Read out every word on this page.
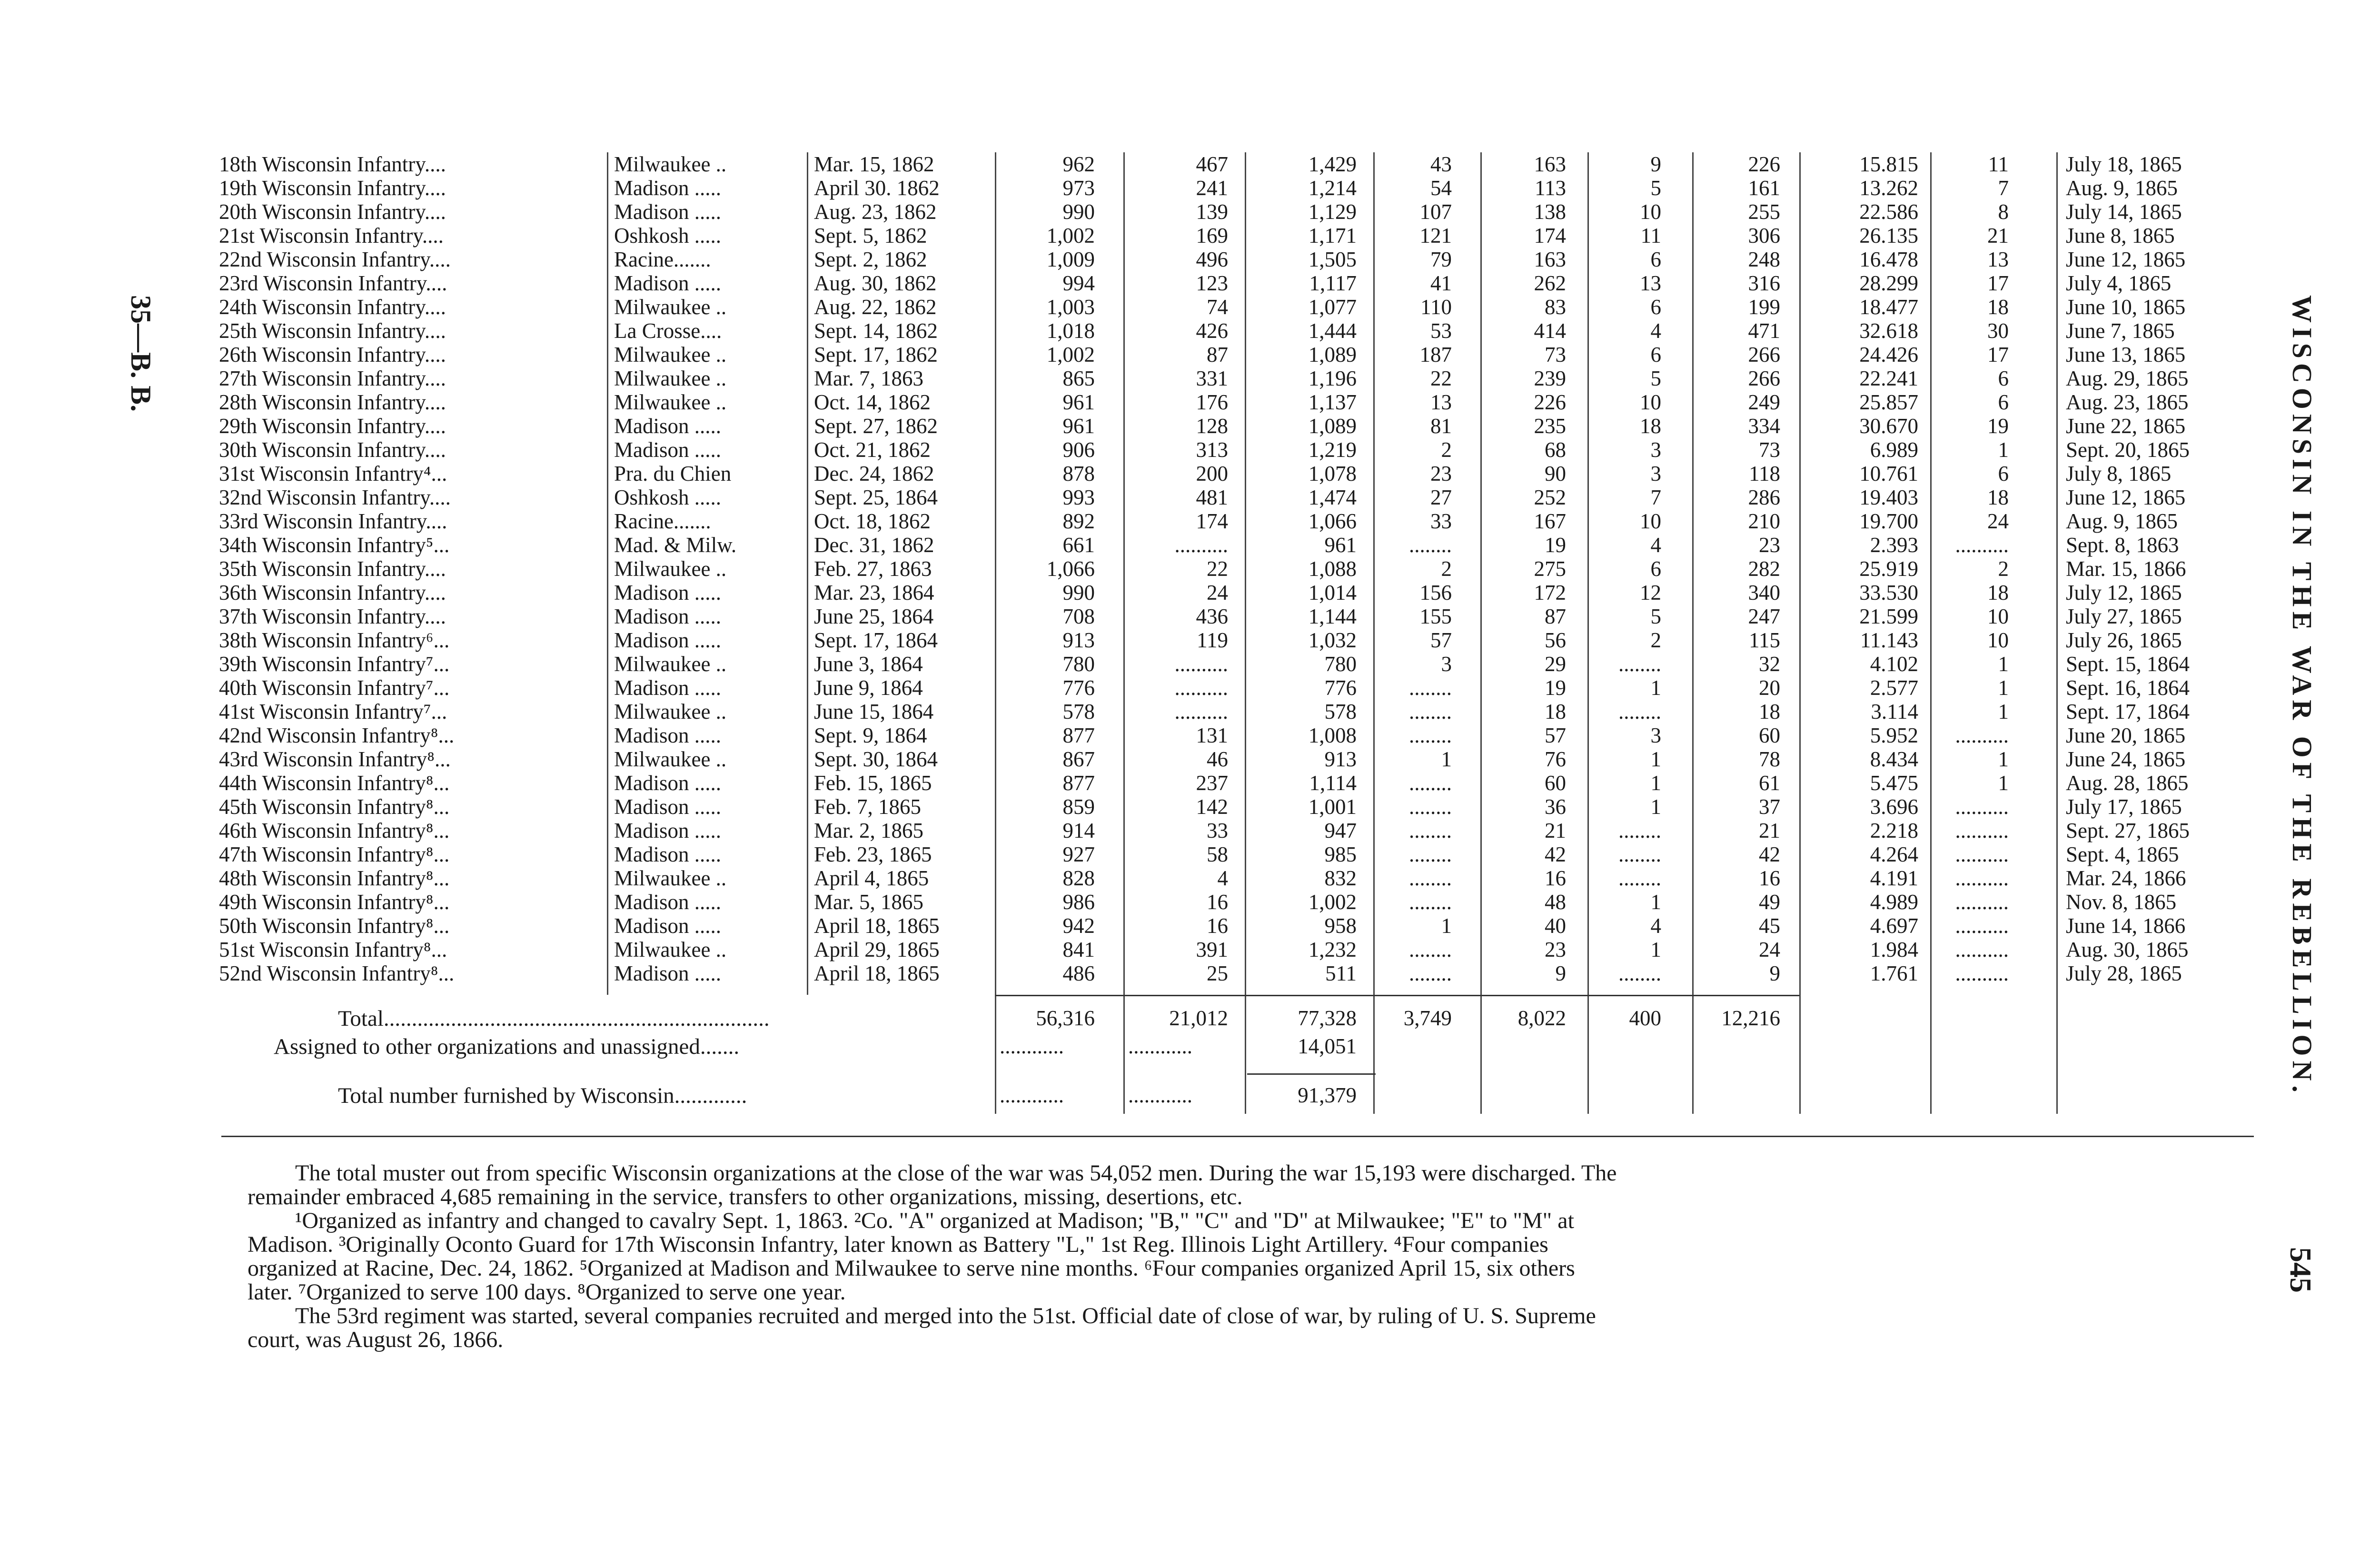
WISCONSIN IN THE WAR OF THE REBELLION.
545
35—B. B.
18th Wisconsin Infantry....	Milwaukee ..	Mar. 15, 1862	962	467	1,429	43	163	9	226	15.815	11	July 18, 1865
19th Wisconsin Infantry....	Madison .....	April 30. 1862	973	241	1,214	54	113	5	161	13.262	7	Aug. 9, 1865
20th Wisconsin Infantry....	Madison .....	Aug. 23, 1862	990	139	1,129	107	138	10	255	22.586	8	July 14, 1865
21st Wisconsin Infantry....	Oshkosh .....	Sept. 5, 1862	1,002	169	1,171	121	174	11	306	26.135	21	June 8, 1865
22nd Wisconsin Infantry....	Racine.......	Sept. 2, 1862	1,009	496	1,505	79	163	6	248	16.478	13	June 12, 1865
23rd Wisconsin Infantry....	Madison .....	Aug. 30, 1862	994	123	1,117	41	262	13	316	28.299	17	July 4, 1865
24th Wisconsin Infantry....	Milwaukee ..	Aug. 22, 1862	1,003	74	1,077	110	83	6	199	18.477	18	June 10, 1865
25th Wisconsin Infantry....	La Crosse....	Sept. 14, 1862	1,018	426	1,444	53	414	4	471	32.618	30	June 7, 1865
26th Wisconsin Infantry....	Milwaukee ..	Sept. 17, 1862	1,002	87	1,089	187	73	6	266	24.426	17	June 13, 1865
27th Wisconsin Infantry....	Milwaukee ..	Mar. 7, 1863	865	331	1,196	22	239	5	266	22.241	6	Aug. 29, 1865
28th Wisconsin Infantry....	Milwaukee ..	Oct. 14, 1862	961	176	1,137	13	226	10	249	25.857	6	Aug. 23, 1865
29th Wisconsin Infantry....	Madison .....	Sept. 27, 1862	961	128	1,089	81	235	18	334	30.670	19	June 22, 1865
30th Wisconsin Infantry....	Madison .....	Oct. 21, 1862	906	313	1,219	2	68	3	73	6.989	1	Sept. 20, 1865
31st Wisconsin Infantry⁴...	Pra. du Chien	Dec. 24, 1862	878	200	1,078	23	90	3	118	10.761	6	July 8, 1865
32nd Wisconsin Infantry....	Oshkosh .....	Sept. 25, 1864	993	481	1,474	27	252	7	286	19.403	18	June 12, 1865
33rd Wisconsin Infantry....	Racine.......	Oct. 18, 1862	892	174	1,066	33	167	10	210	19.700	24	Aug. 9, 1865
34th Wisconsin Infantry⁵...	Mad. & Milw.	Dec. 31, 1862	661	..........	961	........	19	4	23	2.393	..........	Sept. 8, 1863
35th Wisconsin Infantry....	Milwaukee ..	Feb. 27, 1863	1,066	22	1,088	2	275	6	282	25.919	2	Mar. 15, 1866
36th Wisconsin Infantry....	Madison .....	Mar. 23, 1864	990	24	1,014	156	172	12	340	33.530	18	July 12, 1865
37th Wisconsin Infantry....	Madison .....	June 25, 1864	708	436	1,144	155	87	5	247	21.599	10	July 27, 1865
38th Wisconsin Infantry⁶...	Madison .....	Sept. 17, 1864	913	119	1,032	57	56	2	115	11.143	10	July 26, 1865
39th Wisconsin Infantry⁷...	Milwaukee ..	June 3, 1864	780	..........	780	3	29	........	32	4.102	1	Sept. 15, 1864
40th Wisconsin Infantry⁷...	Madison .....	June 9, 1864	776	..........	776	........	19	1	20	2.577	1	Sept. 16, 1864
41st Wisconsin Infantry⁷...	Milwaukee ..	June 15, 1864	578	..........	578	........	18	........	18	3.114	1	Sept. 17, 1864
42nd Wisconsin Infantry⁸...	Madison .....	Sept. 9, 1864	877	131	1,008	........	57	3	60	5.952	..........	June 20, 1865
43rd Wisconsin Infantry⁸...	Milwaukee ..	Sept. 30, 1864	867	46	913	1	76	1	78	8.434	1	June 24, 1865
44th Wisconsin Infantry⁸...	Madison .....	Feb. 15, 1865	877	237	1,114	........	60	1	61	5.475	1	Aug. 28, 1865
45th Wisconsin Infantry⁸...	Madison .....	Feb. 7, 1865	859	142	1,001	........	36	1	37	3.696	..........	July 17, 1865
46th Wisconsin Infantry⁸...	Madison .....	Mar. 2, 1865	914	33	947	........	21	........	21	2.218	..........	Sept. 27, 1865
47th Wisconsin Infantry⁸...	Madison .....	Feb. 23, 1865	927	58	985	........	42	........	42	4.264	..........	Sept. 4, 1865
48th Wisconsin Infantry⁸...	Milwaukee ..	April 4, 1865	828	4	832	........	16	........	16	4.191	..........	Mar. 24, 1866
49th Wisconsin Infantry⁸...	Madison .....	Mar. 5, 1865	986	16	1,002	........	48	1	49	4.989	..........	Nov. 8, 1865
50th Wisconsin Infantry⁸...	Madison .....	April 18, 1865	942	16	958	1	40	4	45	4.697	..........	June 14, 1866
51st Wisconsin Infantry⁸...	Milwaukee ..	April 29, 1865	841	391	1,232	........	23	1	24	1.984	..........	Aug. 30, 1865
52nd Wisconsin Infantry⁸...	Madison .....	April 18, 1865	486	25	511	........	9	........	9	1.761	..........	July 28, 1865
Total.....................................................................	56,316	21,012	77,328	3,749	8,022	400	12,216
Assigned to other organizations and unassigned.......	............	............	14,051
Total number furnished by Wisconsin.............	............	............	91,379
The total muster out from specific Wisconsin organizations at the close of the war was 54,052 men. During the war 15,193 were discharged. The
remainder embraced 4,685 remaining in the service, transfers to other organizations, missing, desertions, etc.
¹Organized as infantry and changed to cavalry Sept. 1, 1863. ²Co. "A" organized at Madison; "B," "C" and "D" at Milwaukee; "E" to "M" at
Madison. ³Originally Oconto Guard for 17th Wisconsin Infantry, later known as Battery "L," 1st Reg. Illinois Light Artillery. ⁴Four companies
organized at Racine, Dec. 24, 1862. ⁵Organized at Madison and Milwaukee to serve nine months. ⁶Four companies organized April 15, six others
later. ⁷Organized to serve 100 days. ⁸Organized to serve one year.
The 53rd regiment was started, several companies recruited and merged into the 51st. Official date of close of war, by ruling of U. S. Supreme
court, was August 26, 1866.
